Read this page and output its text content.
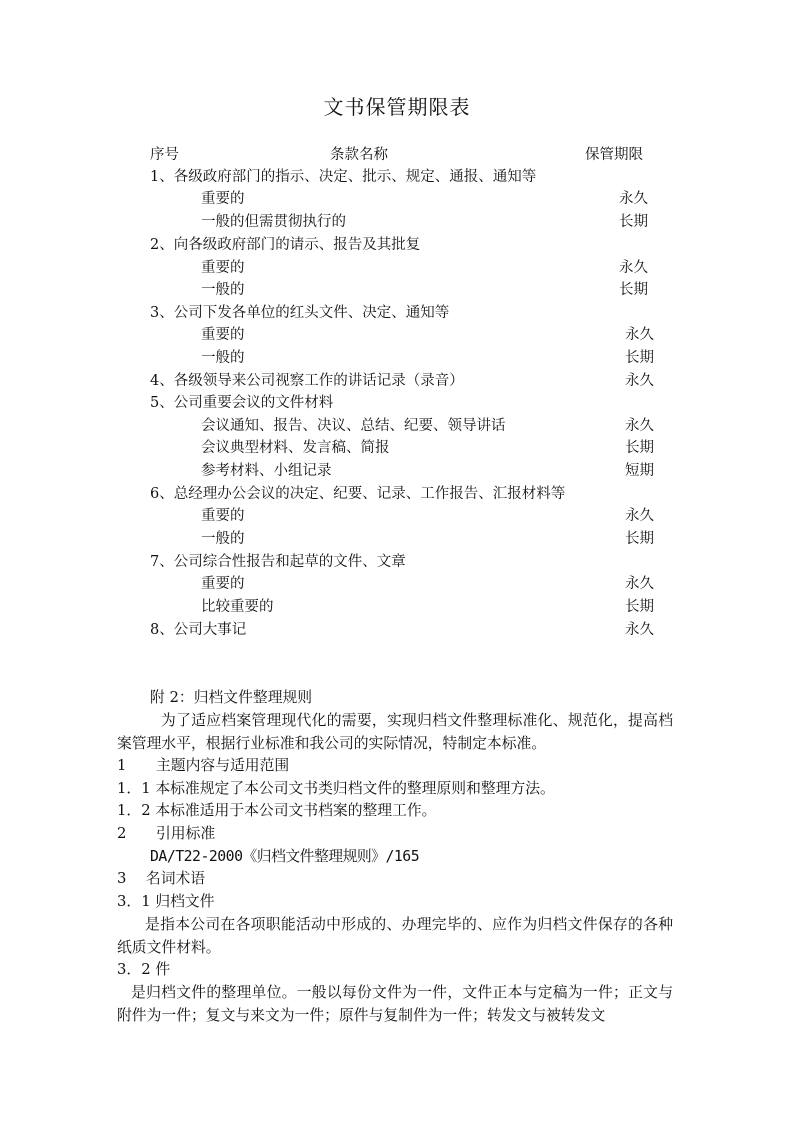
文书保管期限表
序号	条款名称	保管期限
1、各级政府部门的指示、决定、批示、规定、通报、通知等
重要的	永久
一般的但需贯彻执行的	长期
2、向各级政府部门的请示、报告及其批复
重要的	永久
一般的	长期
3、公司下发各单位的红头文件、决定、通知等
重要的	永久
一般的	长期
4、各级领导来公司视察工作的讲话记录（录音）	永久
5、公司重要会议的文件材料
会议通知、报告、决议、总结、纪要、领导讲话	永久
会议典型材料、发言稿、简报	长期
参考材料、小组记录	短期
6、总经理办公会议的决定、纪要、记录、工作报告、汇报材料等
重要的	永久
一般的	长期
7、公司综合性报告和起草的文件、文章
重要的	永久
比较重要的	长期
8、公司大事记	永久
附 2：归档文件整理规则
为了适应档案管理现代化的需要，实现归档文件整理标准化、规范化，提高档案管理水平，根据行业标准和我公司的实际情况，特制定本标准。
1　　主题内容与适用范围
1．1 本标准规定了本公司文书类归档文件的整理原则和整理方法。
1．2 本标准适用于本公司文书档案的整理工作。
2　　引用标准
DA/T22-2000《归档文件整理规则》/165
3　 名词术语
3．1 归档文件
是指本公司在各项职能活动中形成的、办理完毕的、应作为归档文件保存的各种纸质文件材料。
3．2 件
是归档文件的整理单位。一般以每份文件为一件，文件正本与定稿为一件；正文与附件为一件；复文与来文为一件；原件与复制件为一件；转发文与被转发文
